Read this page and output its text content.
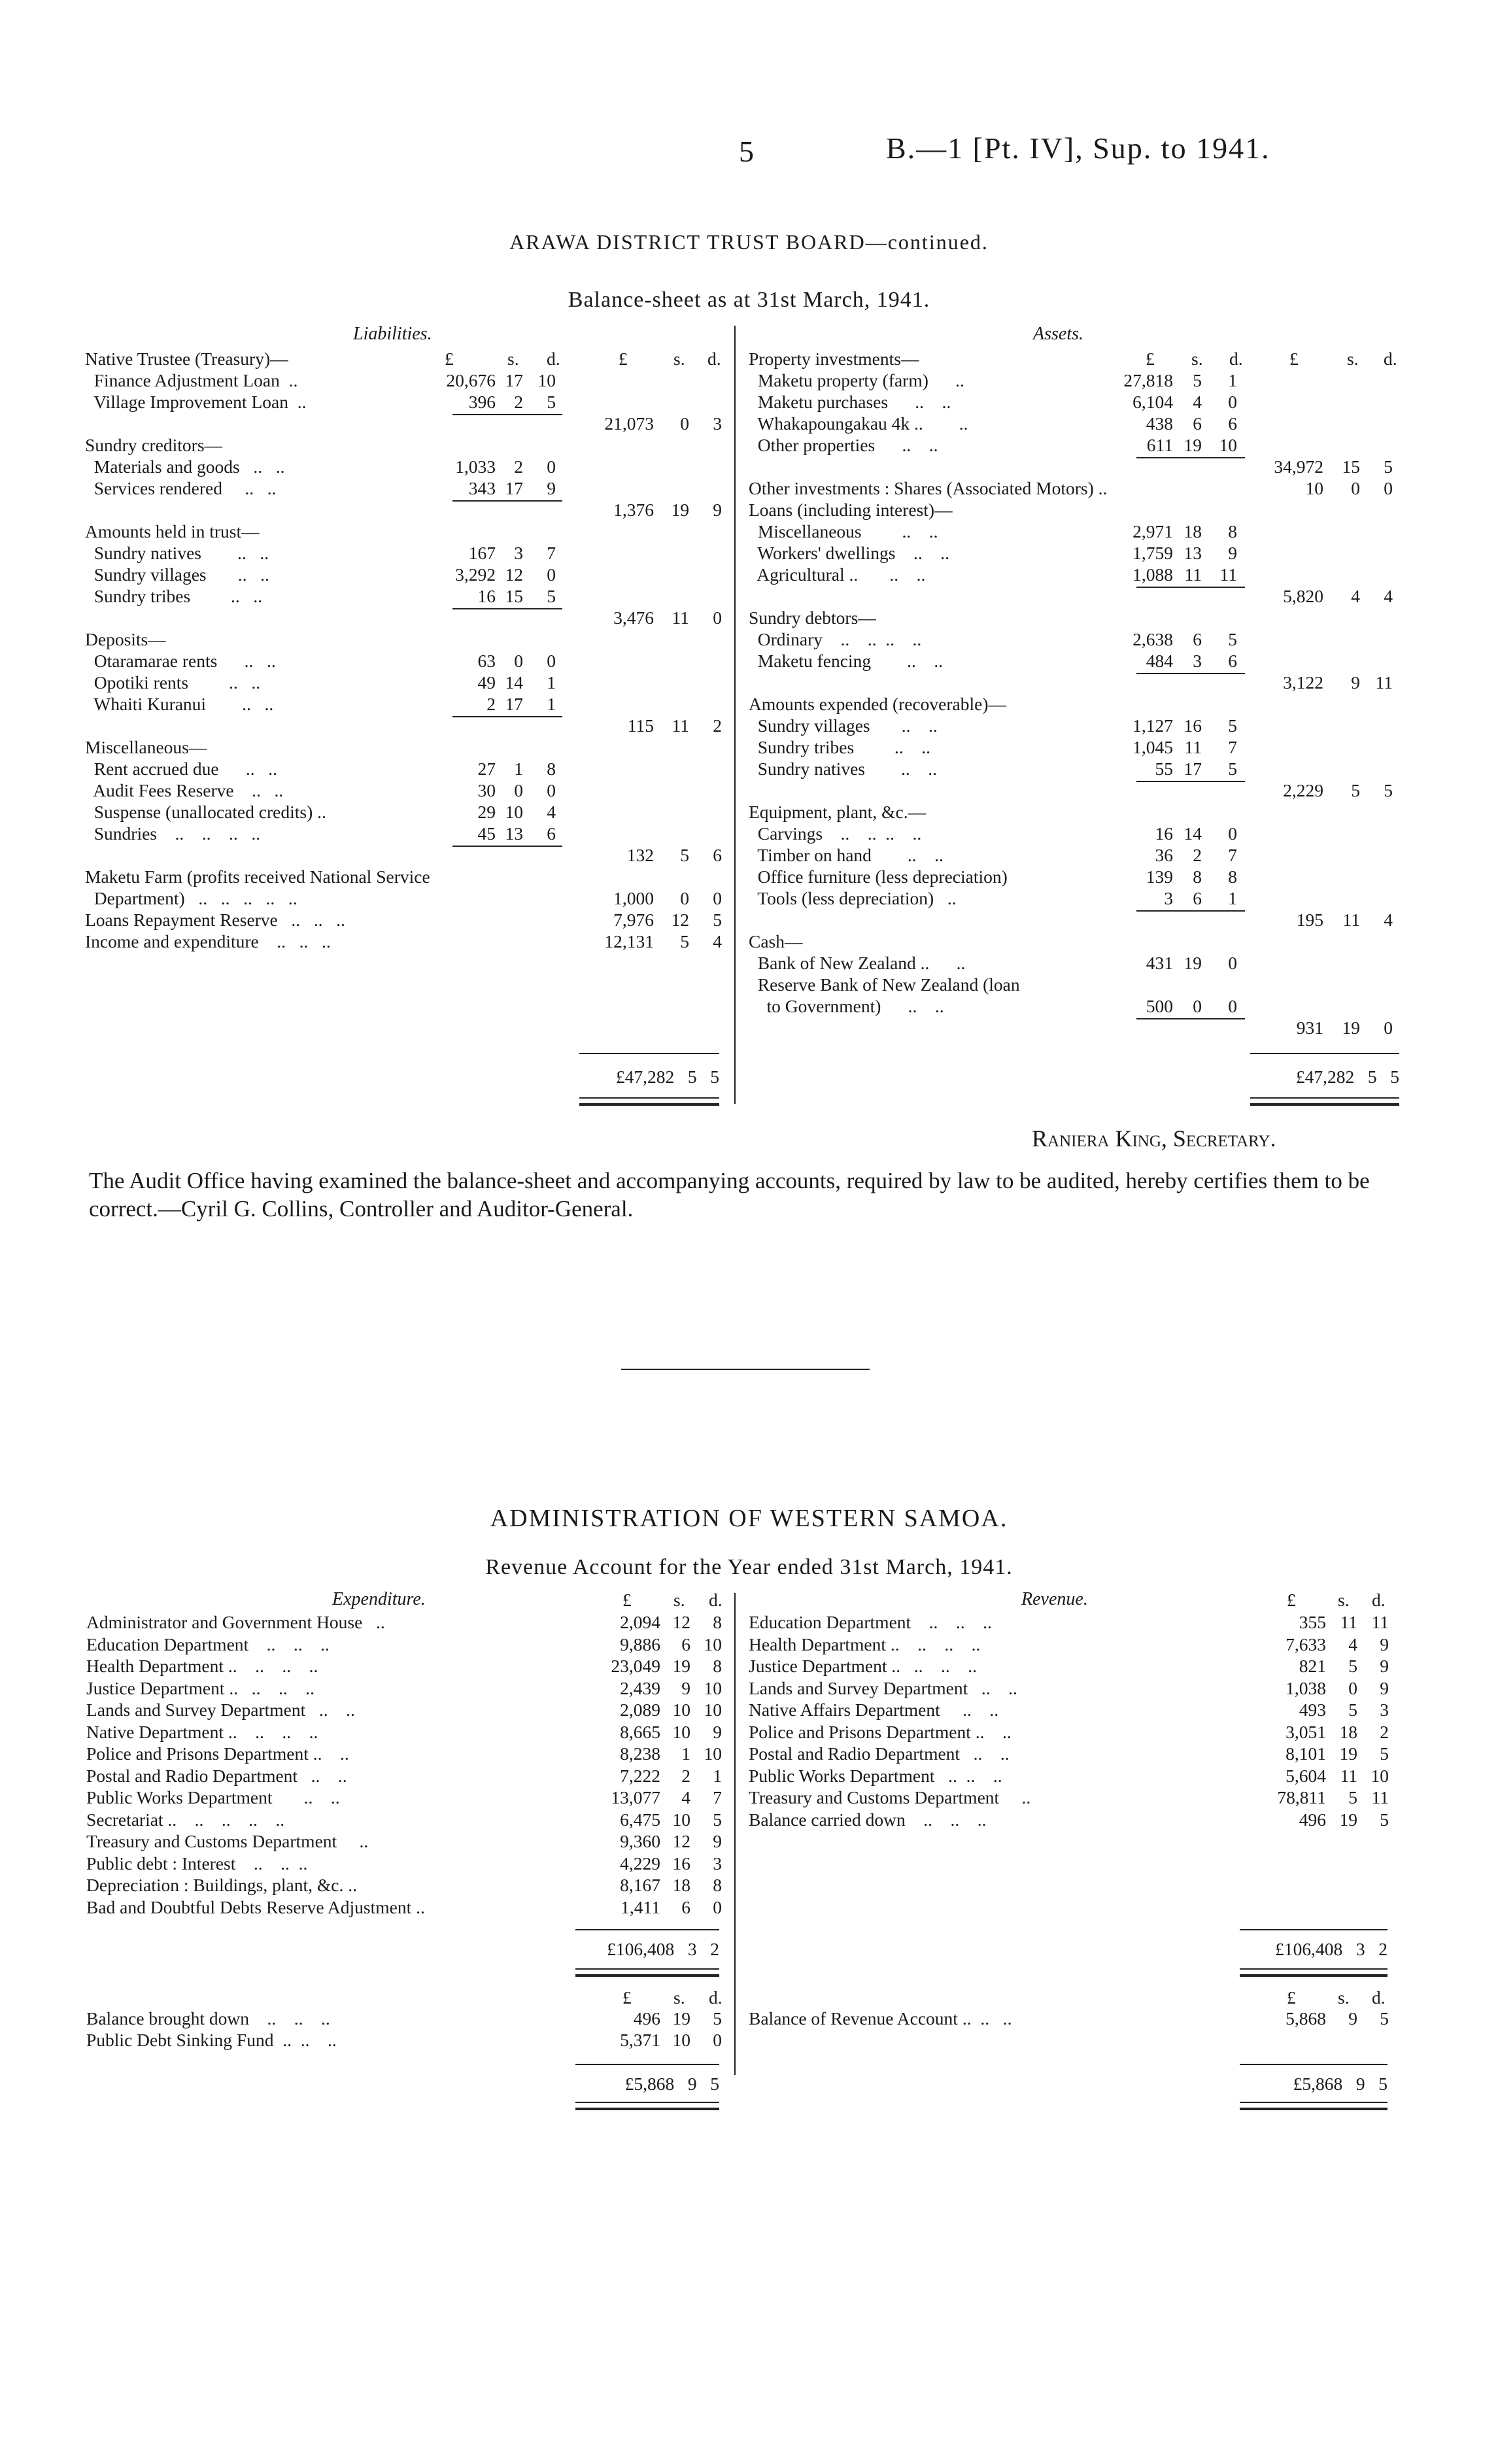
5	B.—1 [Pt. IV], Sup. to 1941.
ARAWA DISTRICT TRUST BOARD—continued.
Balance-sheet as at 31st March, 1941.
Liabilities.	Assets.
£	s. d.	£	s. d.	£ s. d.	£	s. d.
Native Trustee (Treasury)—
Finance Adjustment Loan  ..	20,676 17 10
Village Improvement Loan  ..	396	2	5
21,073	0	3
Sundry creditors—
Materials and goods   ..   ..	1,033	2	0
Services rendered     ..   ..	343 17	9
1,376 19	9
Amounts held in trust—
Sundry natives        ..   ..	167	3	7
Sundry villages       ..   ..	3,292 12	0
Sundry tribes         ..   ..	16 15	5
3,476	11	0
Deposits—
Otaramarae rents      ..   ..	63	0	0
Opotiki rents         ..   ..	49 14	1
Whaiti Kuranui        ..   ..	2 17	1
115	11	2
Miscellaneous—
Rent accrued due      ..   ..	27	1	8
Audit Fees Reserve    ..   ..	30	0	0
Suspense (unallocated credits) ..	29 10	4
Sundries    ..    ..    ..   ..	45 13	6
132	5	6
Maketu Farm (profits received National Service
Department)   ..   ..   ..   ..   ..	1,000	0	0
Loans Repayment Reserve   ..   ..   ..	7,976 12	5
Income and expenditure    ..   ..   ..	12,131	5	4
Property investments—
Maketu property (farm)      ..	27,818	5	1
Maketu purchases      ..    ..	6,104	4	0
Whakapoungakau 4k ..        ..	438	6	6
Other properties      ..    ..	611 19 10
34,972	15	5
Other investments : Shares (Associated Motors) ..	10	0	0
Loans (including interest)—
Miscellaneous         ..    ..	2,971 18	8
Workers' dwellings    ..    ..	1,759 13	9
Agricultural ..       ..    ..	1,088 11	11
5,820	4	4
Sundry debtors—
Ordinary    ..    ..  ..    ..	2,638	6	5
Maketu fencing        ..    ..	484	3	6
3,122	9 11
Amounts expended (recoverable)—
Sundry villages       ..    ..	1,127 16	5
Sundry tribes         ..    ..	1,045 11	7
Sundry natives        ..    ..	55 17	5
2,229	5	5
Equipment, plant, &c.—
Carvings    ..    ..  ..    ..	16 14	0
Timber on hand        ..    ..	36	2	7
Office furniture (less depreciation)	139	8	8
Tools (less depreciation)   ..	3	6	1
195	11	4
Cash—
Bank of New Zealand ..      ..	431 19	0
Reserve Bank of New Zealand (loan
to Government)      ..    ..	500	0	0
931	19	0
£47,282   5   5	£47,282   5   5
Raniera King, Secretary.
The Audit Office having examined the balance-sheet and accompanying accounts, required by law to be audited, hereby certifies them to be correct.—Cyril G. Collins, Controller and Auditor-General.
ADMINISTRATION OF WESTERN SAMOA.
Revenue Account for the Year ended 31st March, 1941.
Expenditure.	Revenue.
£ s. d.	£ s. d.
Administrator and Government House   ..	2,094 12	8
Education Department    ..    ..    ..	9,886	6 10
Health Department ..    ..    ..    ..	23,049 19	8
Justice Department ..   ..    ..    ..	2,439	9 10
Lands and Survey Department   ..    ..	2,089 10 10
Native Department ..    ..    ..    ..	8,665 10	9
Police and Prisons Department ..    ..	8,238	1 10
Postal and Radio Department   ..    ..	7,222	2	1
Public Works Department       ..    ..	13,077	4	7
Secretariat ..    ..    ..    ..    ..	6,475 10	5
Treasury and Customs Department     ..	9,360 12	9
Public debt : Interest    ..    ..  ..	4,229 16	3
Depreciation : Buildings, plant, &c. ..	8,167 18	8
Bad and Doubtful Debts Reserve Adjustment ..	1,411	6	0
Education Department    ..    ..    ..	355 11 11
Health Department ..    ..    ..    ..	7,633	4	9
Justice Department ..   ..    ..    ..	821	5	9
Lands and Survey Department   ..    ..	1,038	0	9
Native Affairs Department     ..    ..	493	5	3
Police and Prisons Department ..    ..	3,051 18	2
Postal and Radio Department   ..    ..	8,101 19	5
Public Works Department   ..  ..    ..	5,604 11 10
Treasury and Customs Department     ..	78,811	5 11
Balance carried down    ..    ..    ..	496 19	5
£106,408   3   2	£106,408   3   2
£ s. d.	£ s. d.
Balance brought down    ..    ..    ..	496 19	5
Public Debt Sinking Fund  ..  ..    ..	5,371 10	0
Balance of Revenue Account ..  ..   ..	5,868	9	5
£5,868   9   5	£5,868   9   5
